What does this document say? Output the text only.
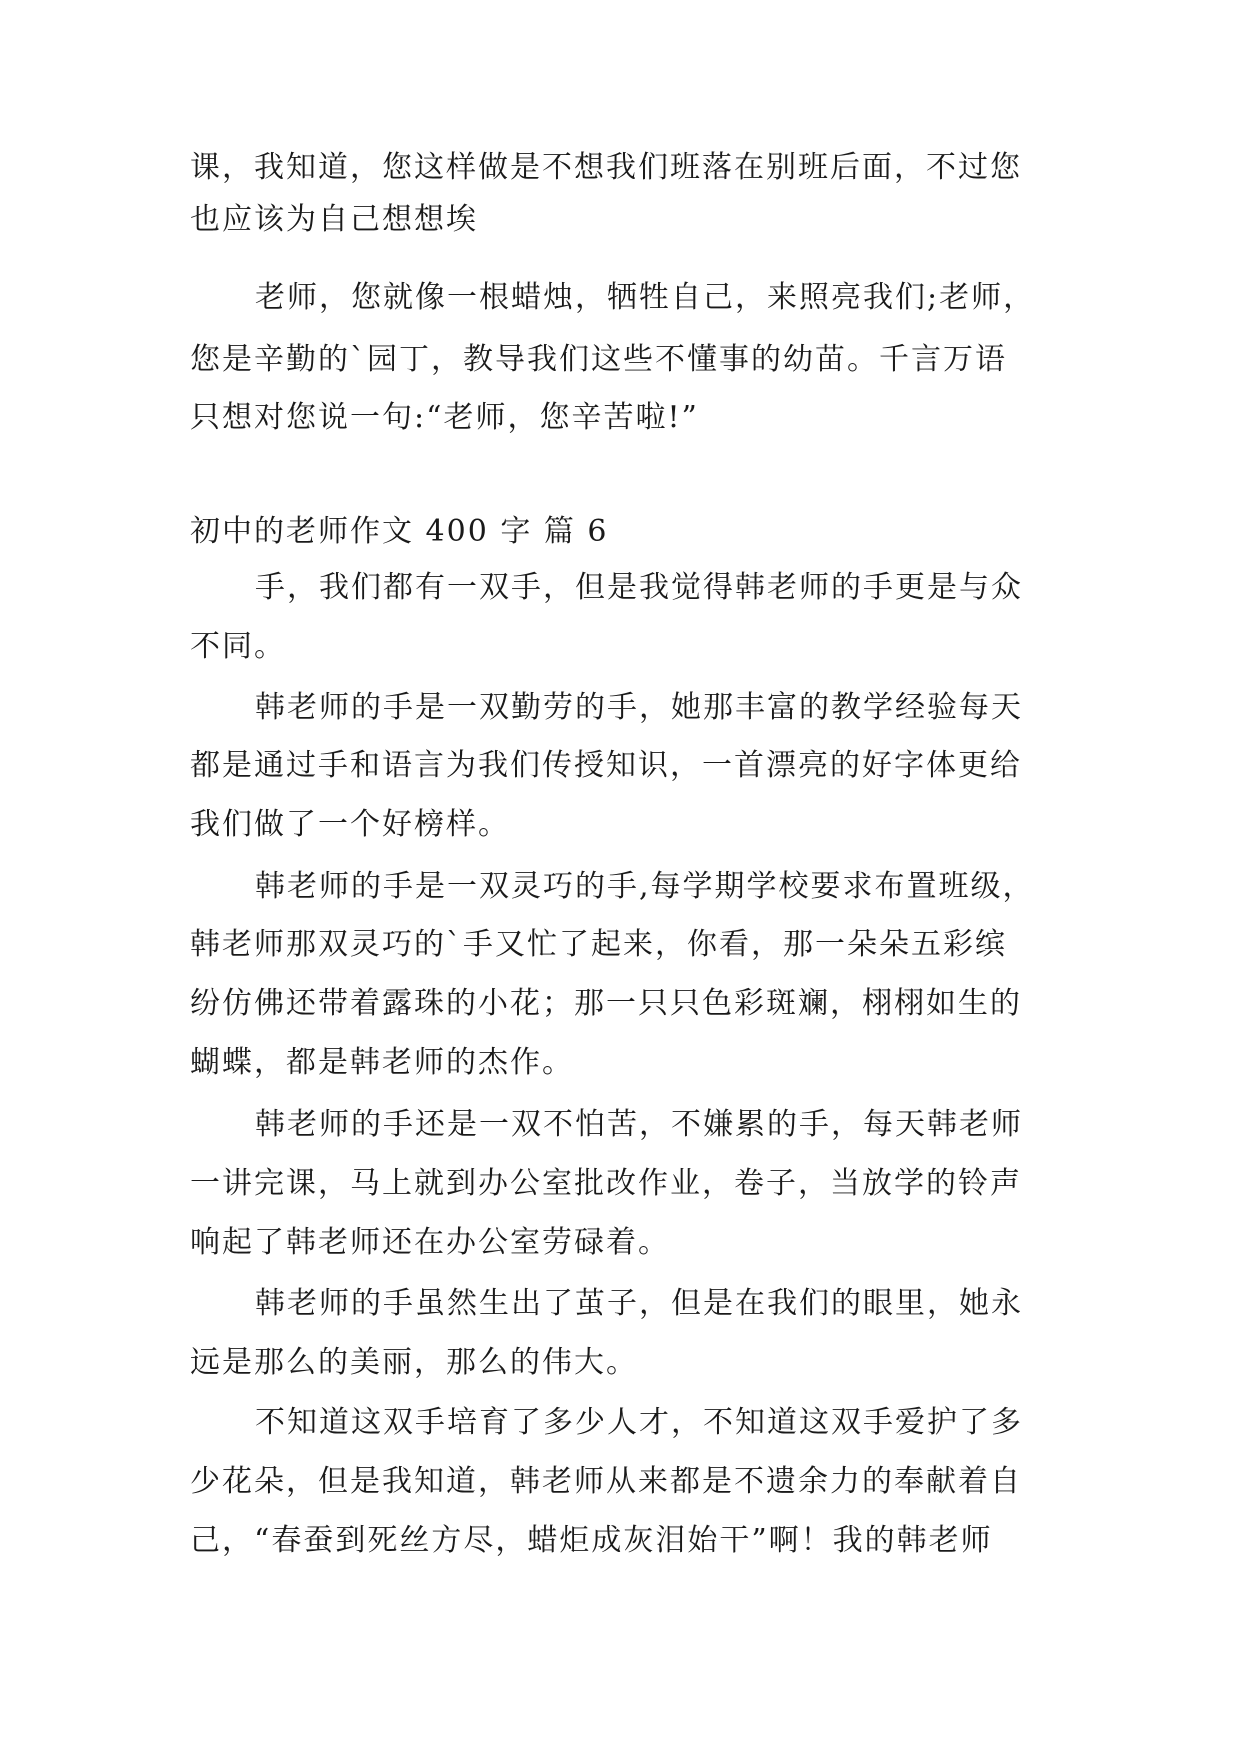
课，我知道，您这样做是不想我们班落在别班后面，不过您
也应该为自己想想埃
老师，您就像一根蜡烛，牺牲自己，来照亮我们;老师，
您是辛勤的`园丁，教导我们这些不懂事的幼苗。千言万语
只想对您说一句:“老师，您辛苦啦!”
初中的老师作文 400 字 篇 6
手，我们都有一双手，但是我觉得韩老师的手更是与众
不同。
韩老师的手是一双勤劳的手，她那丰富的教学经验每天
都是通过手和语言为我们传授知识，一首漂亮的好字体更给
我们做了一个好榜样。
韩老师的手是一双灵巧的手,每学期学校要求布置班级，
韩老师那双灵巧的`手又忙了起来，你看，那一朵朵五彩缤
纷仿佛还带着露珠的小花；那一只只色彩斑斓，栩栩如生的
蝴蝶，都是韩老师的杰作。
韩老师的手还是一双不怕苦，不嫌累的手，每天韩老师
一讲完课，马上就到办公室批改作业，卷子，当放学的铃声
响起了韩老师还在办公室劳碌着。
韩老师的手虽然生出了茧子，但是在我们的眼里，她永
远是那么的美丽，那么的伟大。
不知道这双手培育了多少人才，不知道这双手爱护了多
少花朵，但是我知道，韩老师从来都是不遗余力的奉献着自
己，“春蚕到死丝方尽，蜡炬成灰泪始干”啊！我的韩老师
